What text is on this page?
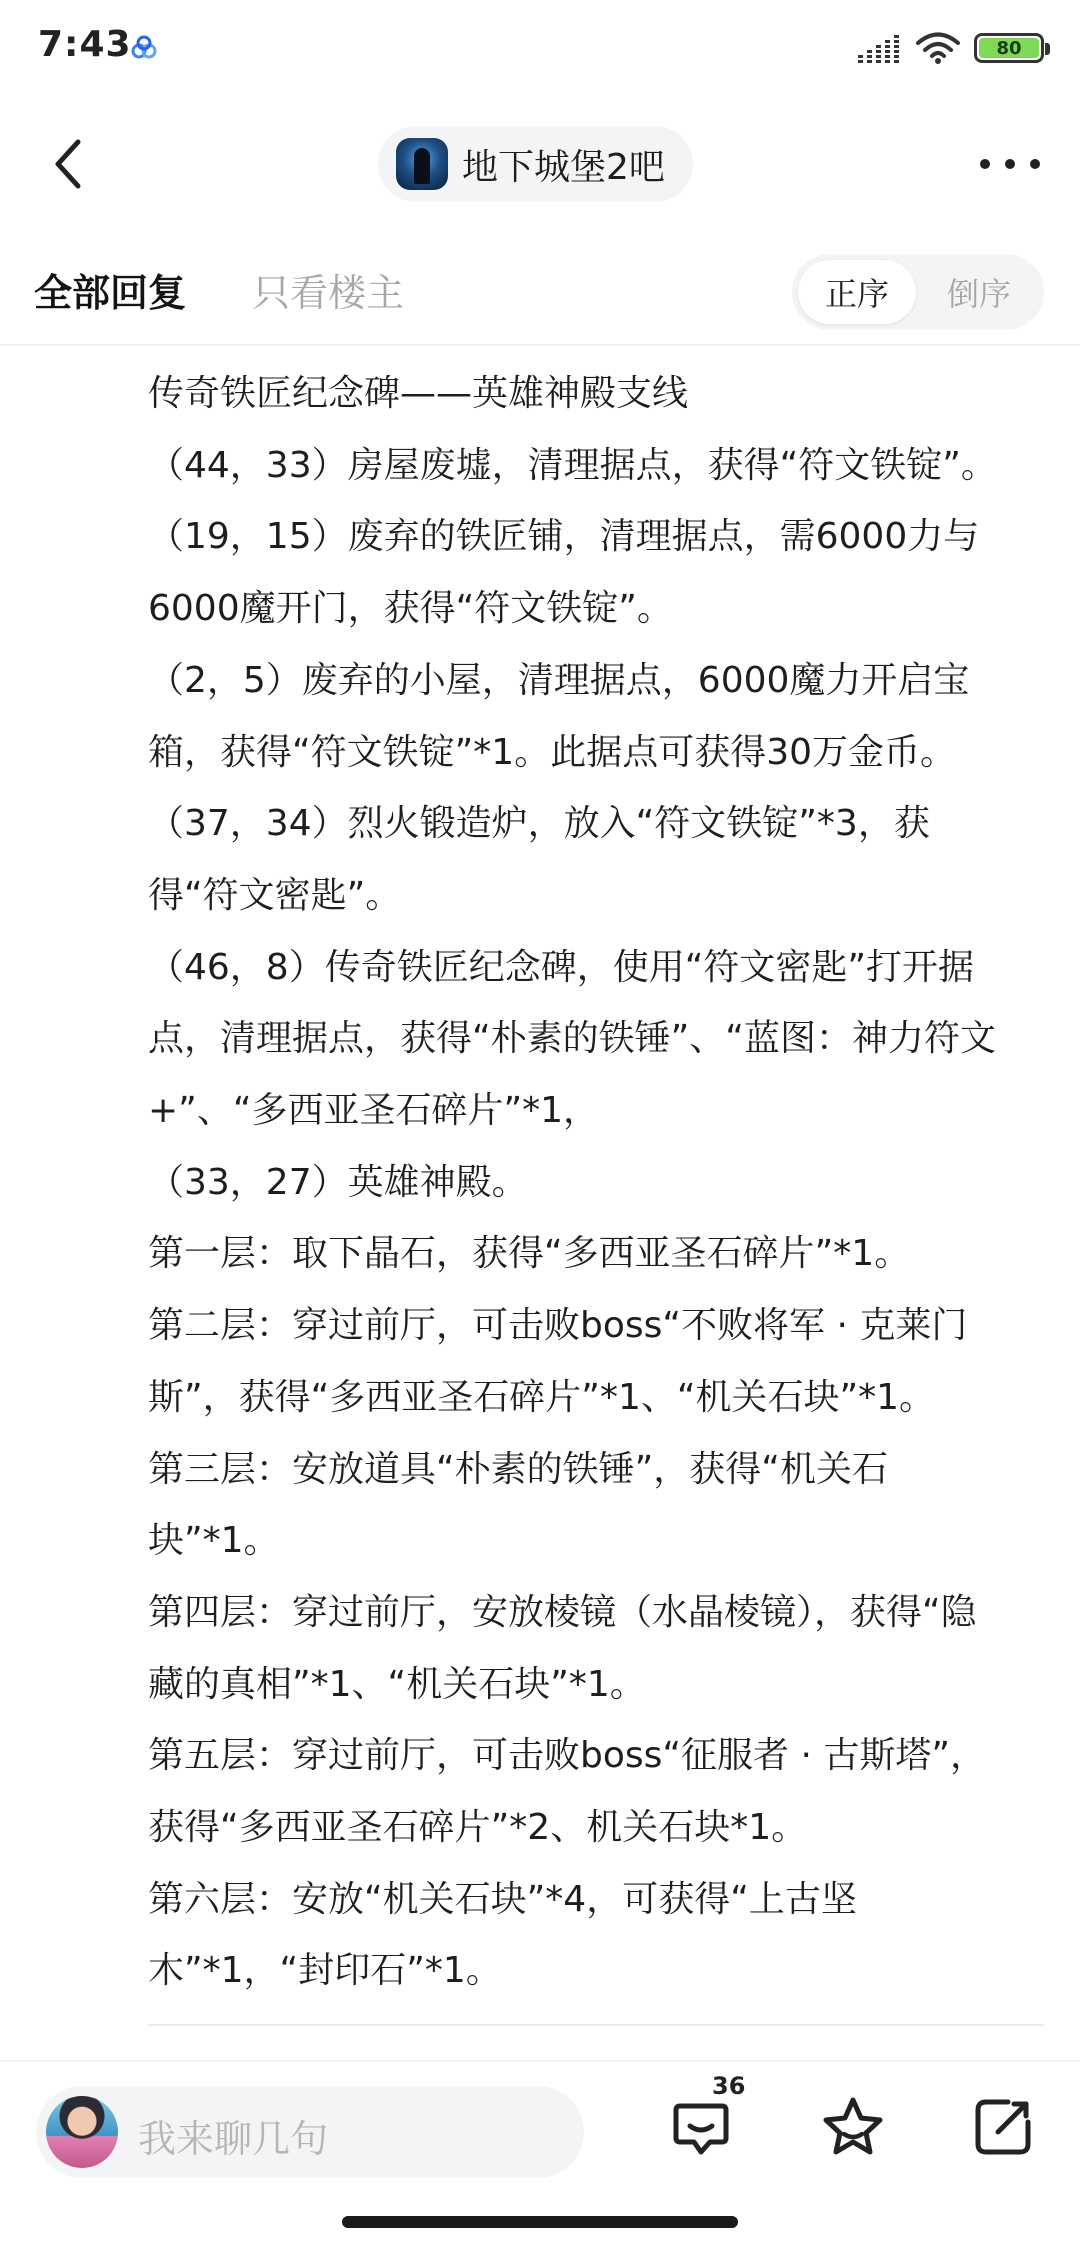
7:43	80
地下城堡2吧
全部回复 只看楼主	正序	倒序
传奇铁匠纪念碑——英雄神殿支线
（44，33）房屋废墟，清理据点，获得“符文铁锭”。
（19，15）废弃的铁匠铺，清理据点，需6000力与
6000魔开门，获得“符文铁锭”。
（2，5）废弃的小屋，清理据点，6000魔力开启宝
箱，获得“符文铁锭”*1。此据点可获得30万金币。
（37，34）烈火锻造炉，放入“符文铁锭”*3，获
得“符文密匙”。
（46，8）传奇铁匠纪念碑，使用“符文密匙”打开据
点，清理据点，获得“朴素的铁锤”、“蓝图：神力符文
+”、“多西亚圣石碎片”*1，
（33，27）英雄神殿。
第一层：取下晶石，获得“多西亚圣石碎片”*1。
第二层：穿过前厅，可击败boss“不败将军 · 克莱门
斯”，获得“多西亚圣石碎片”*1、“机关石块”*1。
第三层：安放道具“朴素的铁锤”，获得“机关石
块”*1。
第四层：穿过前厅，安放棱镜（水晶棱镜），获得“隐
藏的真相”*1、“机关石块”*1。
第五层：穿过前厅，可击败boss“征服者 · 古斯塔”，
获得“多西亚圣石碎片”*2、机关石块*1。
第六层：安放“机关石块”*4，可获得“上古坚
木”*1，“封印石”*1。
我来聊几句
36
